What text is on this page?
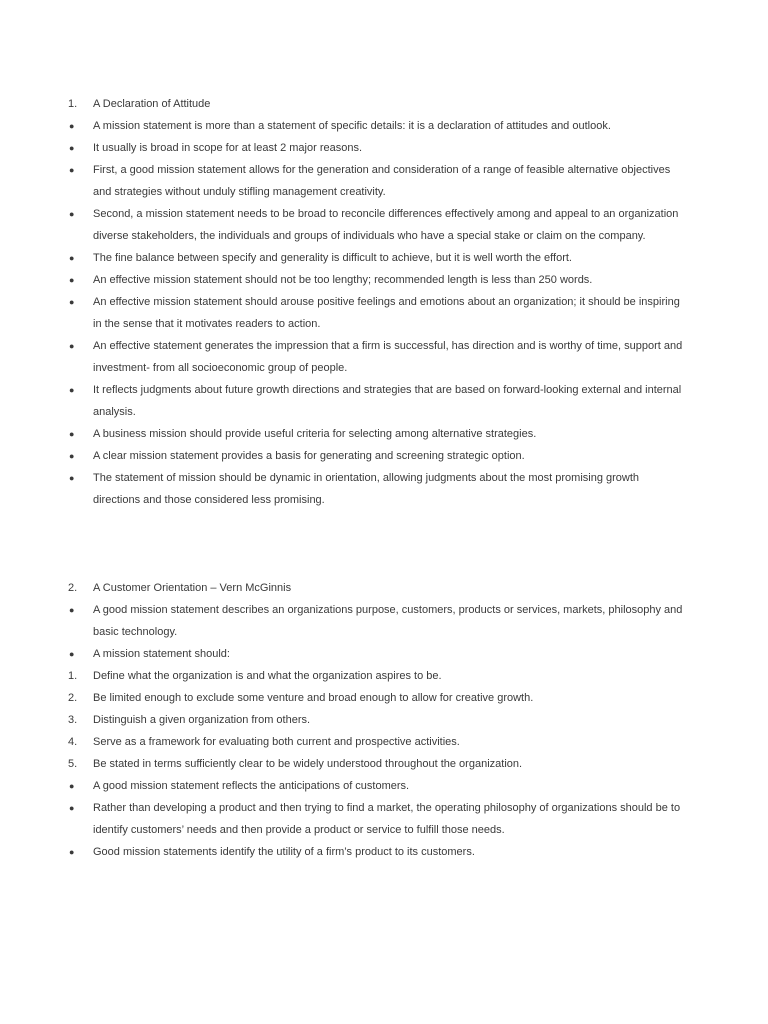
1.	A Declaration of Attitude
●	A mission statement is more than a statement of specific details: it is a declaration of attitudes and outlook.
●	It usually is broad in scope for at least 2 major reasons.
●	First, a good mission statement allows for the generation and consideration of a range of feasible alternative objectives and strategies without unduly stifling management creativity.
●	Second, a mission statement needs to be broad to reconcile differences effectively among and appeal to an organization diverse stakeholders, the individuals and groups of individuals who have a special stake or claim on the company.
●	The fine balance between specify and generality is difficult to achieve, but it is well worth the effort.
●	An effective mission statement should not be too lengthy; recommended length is less than 250 words.
●	An effective mission statement should arouse positive feelings and emotions about an organization; it should be inspiring in the sense that it motivates readers to action.
●	An effective statement generates the impression that a firm is successful, has direction and is worthy of time, support and investment- from all socioeconomic group of people.
●	It reflects judgments about future growth directions and strategies that are based on forward-looking external and internal analysis.
●	A business mission should provide useful criteria for selecting among alternative strategies.
●	A clear mission statement provides a basis for generating and screening strategic option.
●	The statement of mission should be dynamic in orientation, allowing judgments about the most promising growth directions and those considered less promising.
2.	A Customer Orientation – Vern McGinnis
●	A good mission statement describes an organizations purpose, customers, products or services, markets, philosophy and basic technology.
●	A mission statement should:
1.	Define what the organization is and what the organization aspires to be.
2.	Be limited enough to exclude some venture and broad enough to allow for creative growth.
3.	Distinguish a given organization from others.
4.	Serve as a framework for evaluating both current and prospective activities.
5.	Be stated in terms sufficiently clear to be widely understood throughout the organization.
●	A good mission statement reflects the anticipations of customers.
●	Rather than developing a product and then trying to find a market, the operating philosophy of organizations should be to identify customers’ needs and then provide a product or service to fulfill those needs.
●	Good mission statements identify the utility of a firm’s product to its customers.
